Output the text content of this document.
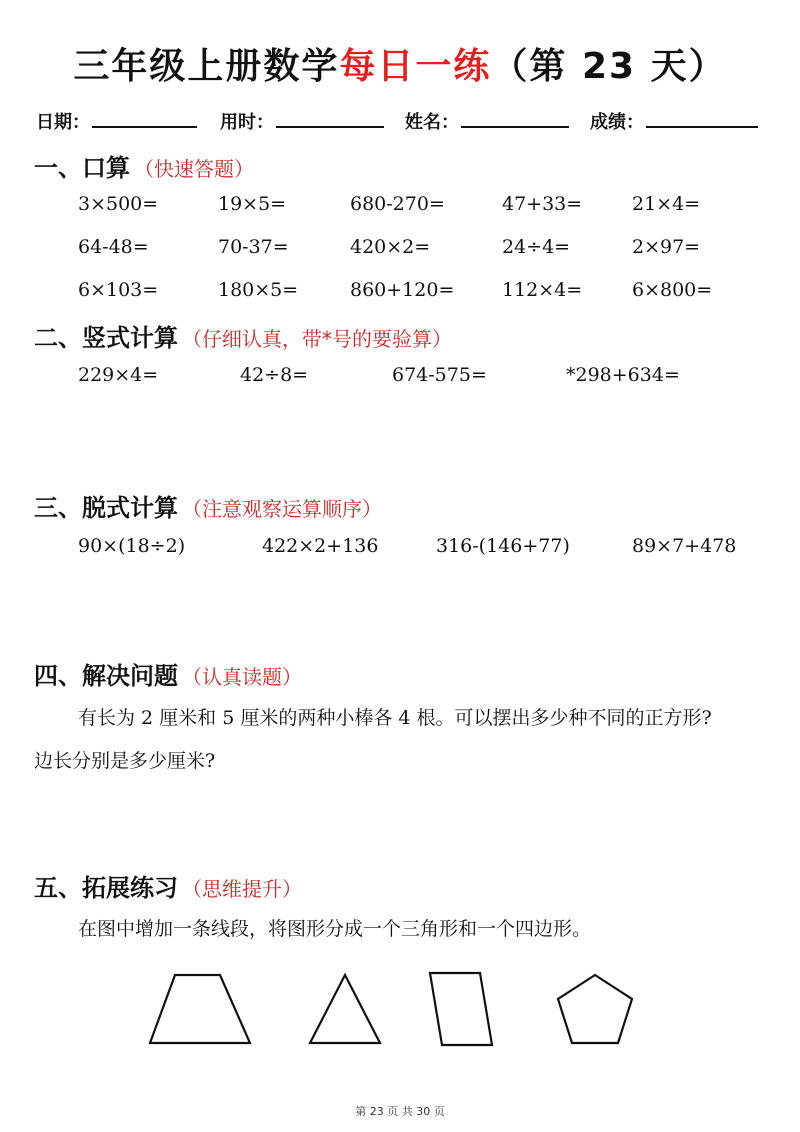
三年级上册数学每日一练（第 23 天）
日期：	用时：	姓名：	成绩：
一、口算 （快速答题）
3×500=	19×5=	680-270=	47+33=	21×4=
64-48=	70-37=	420×2=	24÷4=	2×97=
6×103=	180×5=	860+120=	112×4=	6×800=
二、竖式计算 （仔细认真，带*号的要验算）
229×4=	42÷8=	674-575=	*298+634=
三、脱式计算 （注意观察运算顺序）
90×(18÷2)	422×2+136	316-(146+77)	89×7+478
四、解决问题 （认真读题）
有长为 2 厘米和 5 厘米的两种小棒各 4 根。可以摆出多少种不同的正方形?
边长分别是多少厘米?
五、拓展练习 （思维提升）
在图中增加一条线段，将图形分成一个三角形和一个四边形。
第 23 页 共 30 页
